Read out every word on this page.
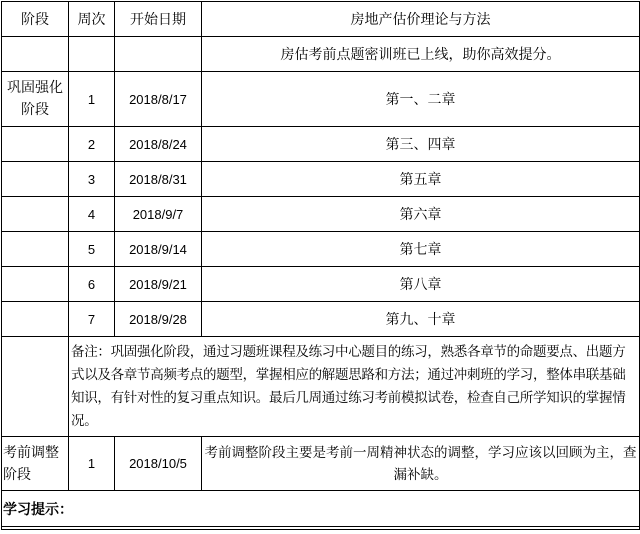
阶段	周次	开始日期	房地产估价理论与方法
			房估考前点题密训班已上线，助你高效提分。
巩固强化阶段	1	2018/8/17	第一、二章
	2	2018/8/24	第三、四章
	3	2018/8/31	第五章
	4	2018/9/7	第六章
	5	2018/9/14	第七章
	6	2018/9/21	第八章
	7	2018/9/28	第九、十章
	备注：巩固强化阶段，通过习题班课程及练习中心题目的练习，熟悉各章节的命题要点、出题方式以及各章节高频考点的题型，掌握相应的解题思路和方法；通过冲刺班的学习，整体串联基础知识，有针对性的复习重点知识。最后几周通过练习考前模拟试卷，检查自己所学知识的掌握情况。		
考前调整阶段	1	2018/10/5	考前调整阶段主要是考前一周精神状态的调整，学习应该以回顾为主，查漏补缺。
学习提示：			
